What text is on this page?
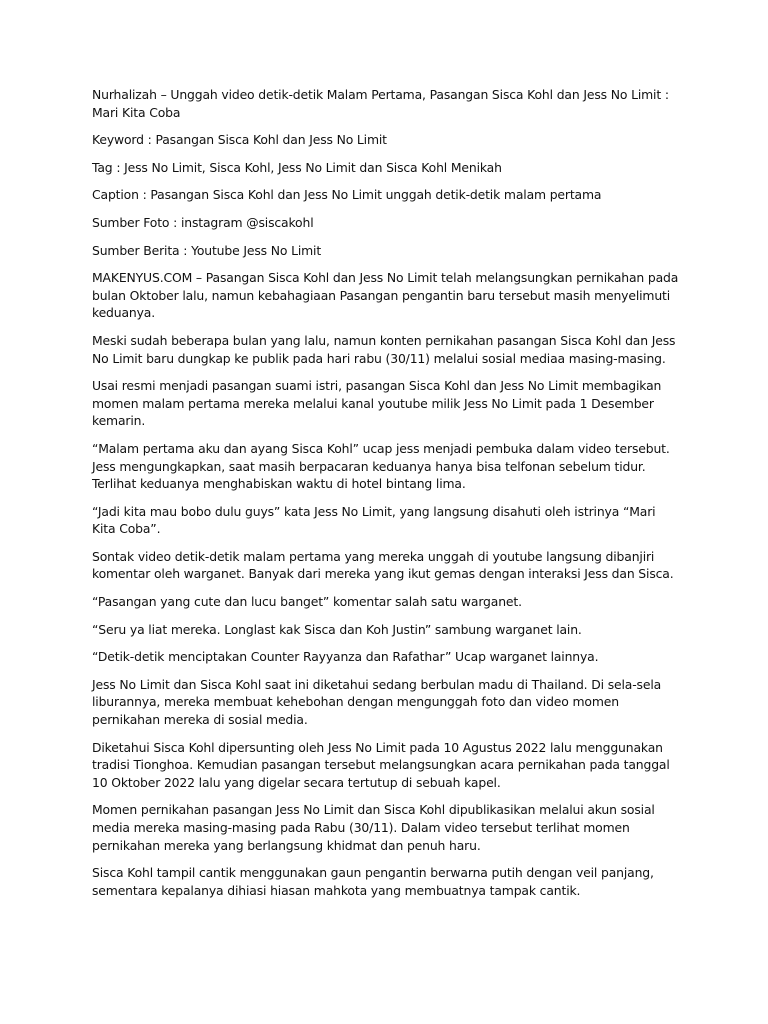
Nurhalizah – Unggah video detik-detik Malam Pertama, Pasangan Sisca Kohl dan Jess No Limit : Mari Kita Coba

Keyword : Pasangan Sisca Kohl dan Jess No Limit

Tag : Jess No Limit, Sisca Kohl, Jess No Limit dan Sisca Kohl Menikah

Caption : Pasangan Sisca Kohl dan Jess No Limit unggah detik-detik malam pertama

Sumber Foto : instagram @siscakohl

Sumber Berita : Youtube Jess No Limit

MAKENYUS.COM – Pasangan Sisca Kohl dan Jess No Limit telah melangsungkan pernikahan pada bulan Oktober lalu, namun kebahagiaan Pasangan pengantin baru tersebut masih menyelimuti keduanya.

Meski sudah beberapa bulan yang lalu, namun konten pernikahan pasangan Sisca Kohl dan Jess No Limit baru dungkap ke publik pada hari rabu (30/11) melalui sosial mediaa masing-masing.

Usai resmi menjadi pasangan suami istri, pasangan Sisca Kohl dan Jess No Limit membagikan momen malam pertama mereka melalui kanal youtube milik Jess No Limit pada 1 Desember kemarin.

“Malam pertama aku dan ayang Sisca Kohl” ucap jess menjadi pembuka dalam video tersebut. Jess mengungkapkan, saat masih berpacaran keduanya hanya bisa telfonan sebelum tidur. Terlihat keduanya menghabiskan waktu di hotel bintang lima.

“Jadi kita mau bobo dulu guys” kata Jess No Limit, yang langsung disahuti oleh istrinya “Mari Kita Coba”.

Sontak video detik-detik malam pertama yang mereka unggah di youtube langsung dibanjiri komentar oleh warganet. Banyak dari mereka yang ikut gemas dengan interaksi Jess dan Sisca.

“Pasangan yang cute dan lucu banget” komentar salah satu warganet.

“Seru ya liat mereka. Longlast kak Sisca dan Koh Justin” sambung warganet lain.

“Detik-detik menciptakan Counter Rayyanza dan Rafathar” Ucap warganet lainnya.

Jess No Limit dan Sisca Kohl saat ini diketahui sedang berbulan madu di Thailand. Di sela-sela liburannya, mereka membuat kehebohan dengan mengunggah foto dan video momen pernikahan mereka di sosial media.

Diketahui Sisca Kohl dipersunting oleh Jess No Limit pada 10 Agustus 2022 lalu menggunakan tradisi Tionghoa. Kemudian pasangan tersebut melangsungkan acara pernikahan pada tanggal 10 Oktober 2022 lalu yang digelar secara tertutup di sebuah kapel.

Momen pernikahan pasangan Jess No Limit dan Sisca Kohl dipublikasikan melalui akun sosial media mereka masing-masing pada Rabu (30/11). Dalam video tersebut terlihat momen pernikahan mereka yang berlangsung khidmat dan penuh haru.

Sisca Kohl tampil cantik menggunakan gaun pengantin berwarna putih dengan veil panjang, sementara kepalanya dihiasi hiasan mahkota yang membuatnya tampak cantik.
